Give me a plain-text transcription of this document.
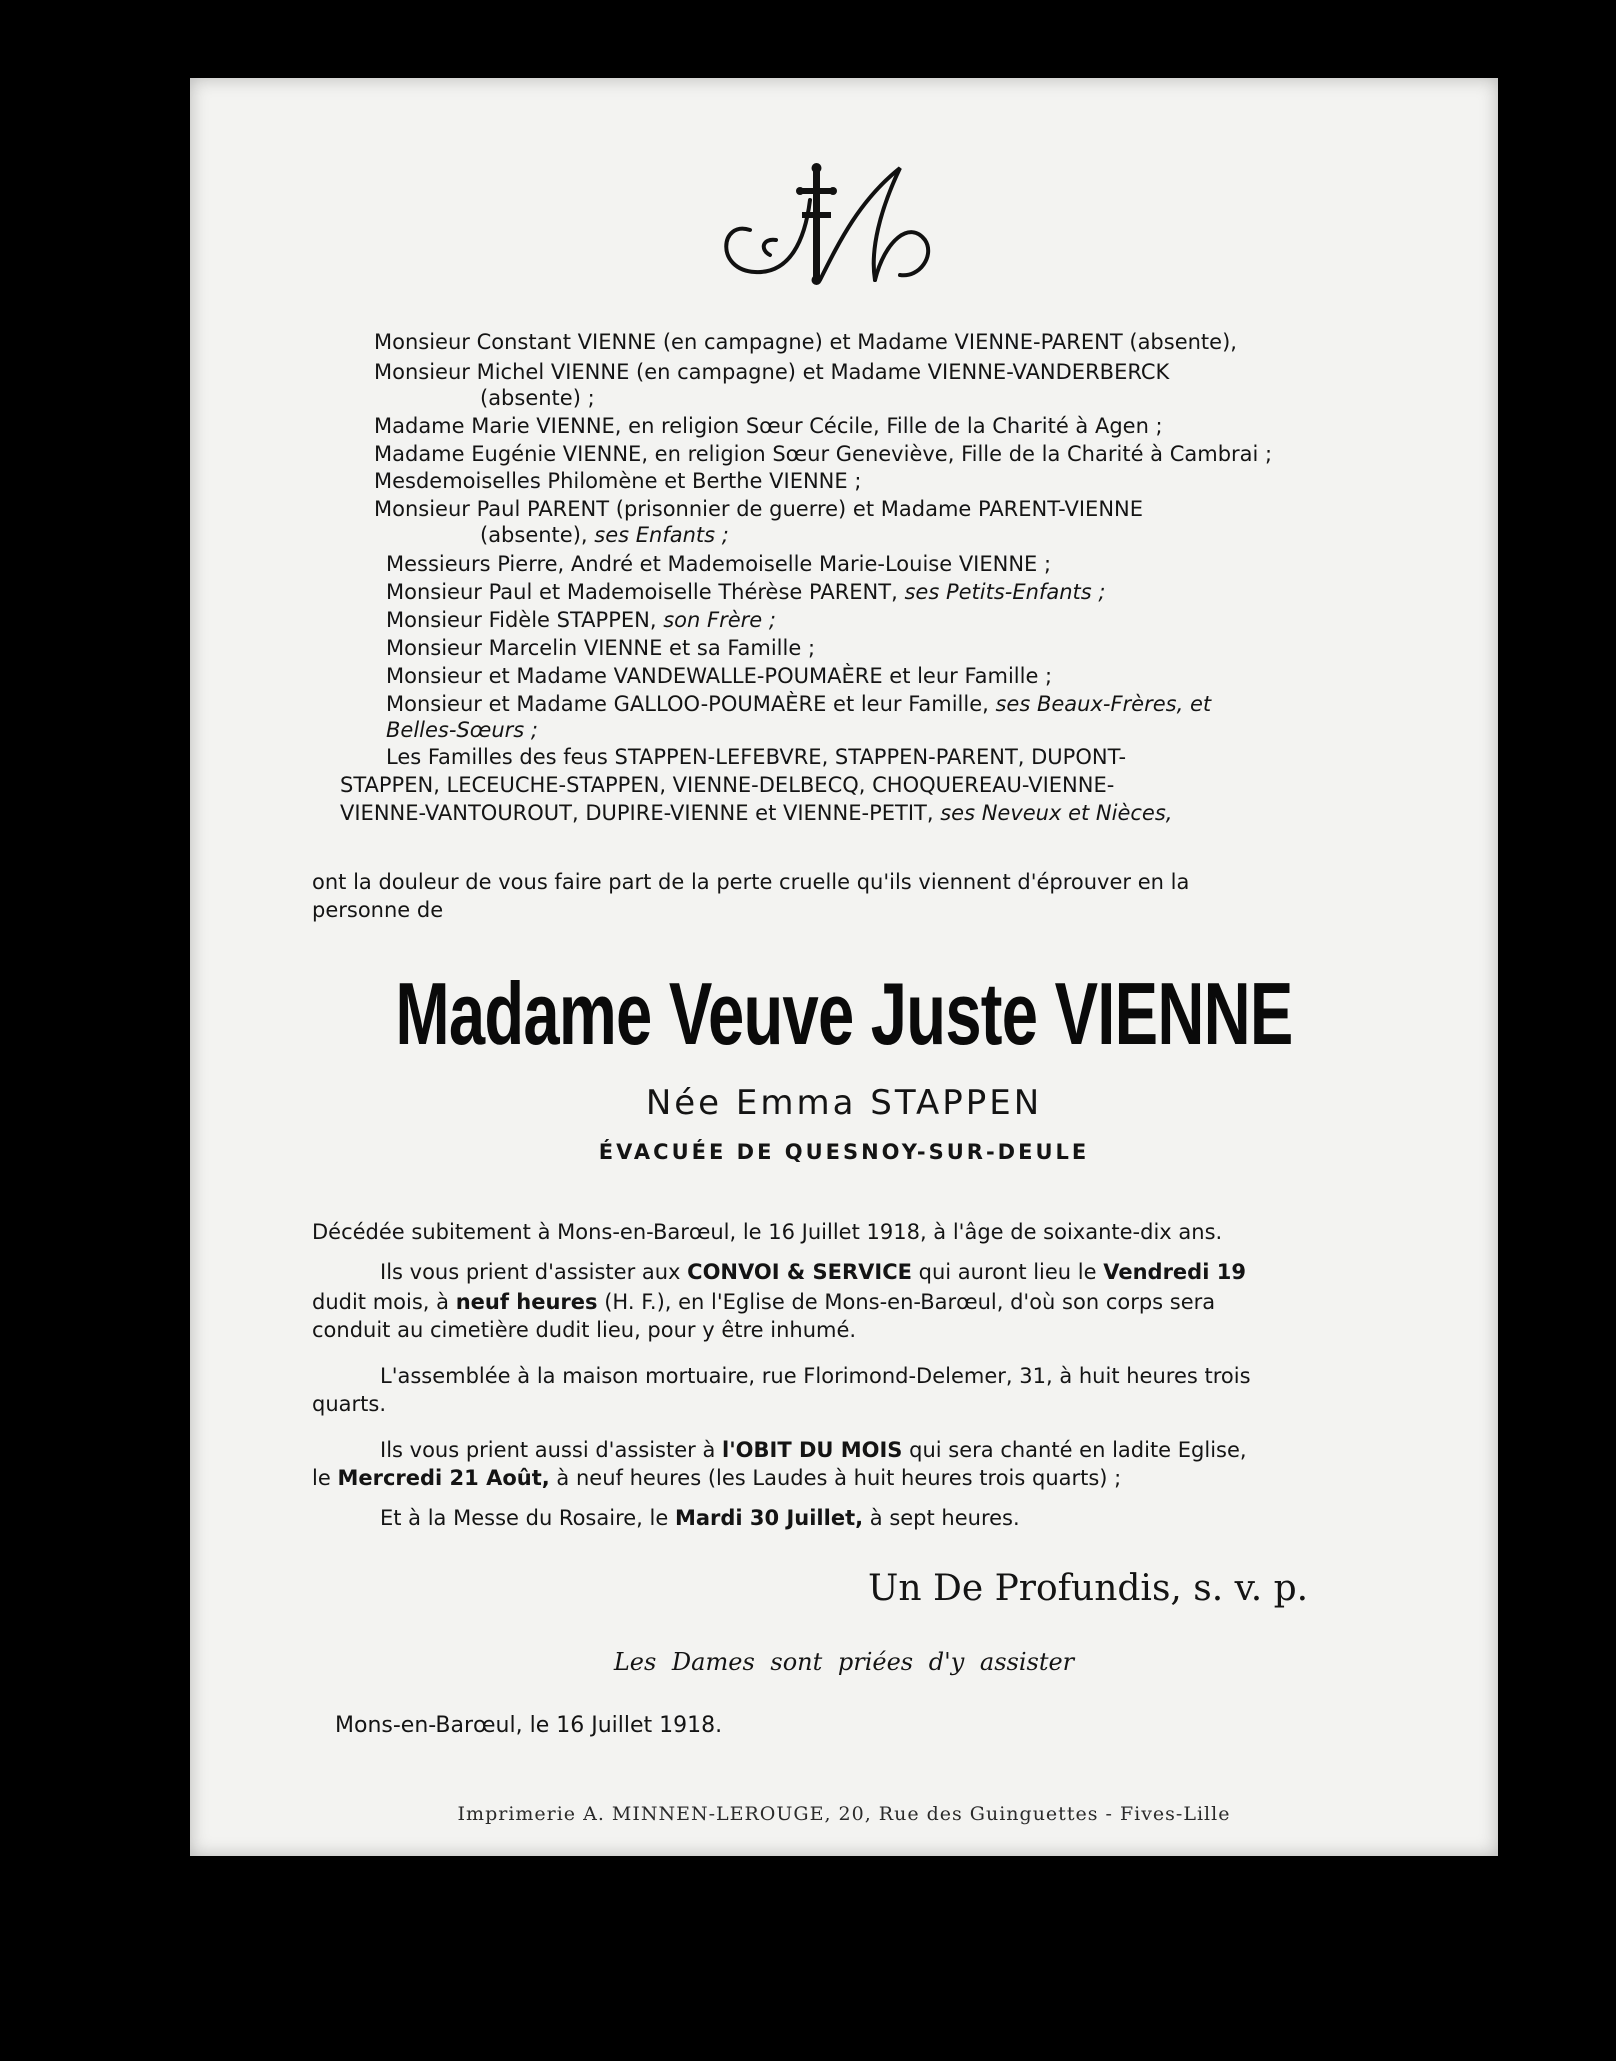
Monsieur Constant VIENNE (en campagne) et Madame VIENNE-PARENT (absente),
Monsieur Michel VIENNE (en campagne) et Madame VIENNE-VANDERBERCK
(absente) ;
Madame Marie VIENNE, en religion Sœur Cécile, Fille de la Charité à Agen ;
Madame Eugénie VIENNE, en religion Sœur Geneviève, Fille de la Charité à Cambrai ;
Mesdemoiselles Philomène et Berthe VIENNE ;
Monsieur Paul PARENT (prisonnier de guerre) et Madame PARENT-VIENNE
(absente), ses Enfants ;
Messieurs Pierre, André et Mademoiselle Marie-Louise VIENNE ;
Monsieur Paul et Mademoiselle Thérèse PARENT, ses Petits-Enfants ;
Monsieur Fidèle STAPPEN, son Frère ;
Monsieur Marcelin VIENNE et sa Famille ;
Monsieur et Madame VANDEWALLE-POUMAÈRE et leur Famille ;
Monsieur et Madame GALLOO-POUMAÈRE et leur Famille, ses Beaux-Frères, et
Belles-Sœurs ;
Les Familles des feus STAPPEN-LEFEBVRE, STAPPEN-PARENT, DUPONT-
STAPPEN, LECEUCHE-STAPPEN, VIENNE-DELBECQ, CHOQUEREAU-VIENNE-
VIENNE-VANTOUROUT, DUPIRE-VIENNE et VIENNE-PETIT, ses Neveux et Nièces,
ont la douleur de vous faire part de la perte cruelle qu'ils viennent d'éprouver en la
personne de
Madame Veuve Juste VIENNE
Née Emma STAPPEN
ÉVACUÉE DE QUESNOY-SUR-DEULE
Décédée subitement à Mons-en-Barœul, le 16 Juillet 1918, à l'âge de soixante-dix ans.
Ils vous prient d'assister aux CONVOI & SERVICE qui auront lieu le Vendredi 19
dudit mois, à neuf heures (H. F.), en l'Eglise de Mons-en-Barœul, d'où son corps sera
conduit au cimetière dudit lieu, pour y être inhumé.
L'assemblée à la maison mortuaire, rue Florimond-Delemer, 31, à huit heures trois
quarts.
Ils vous prient aussi d'assister à l'OBIT DU MOIS qui sera chanté en ladite Eglise,
le Mercredi 21 Août, à neuf heures (les Laudes à huit heures trois quarts) ;
Et à la Messe du Rosaire, le Mardi 30 Juillet, à sept heures.
Un De Profundis, s. v. p.
Les Dames sont priées d'y assister
Mons-en-Barœul, le 16 Juillet 1918.
Imprimerie A. MINNEN-LEROUGE, 20, Rue des Guinguettes - Fives-Lille
